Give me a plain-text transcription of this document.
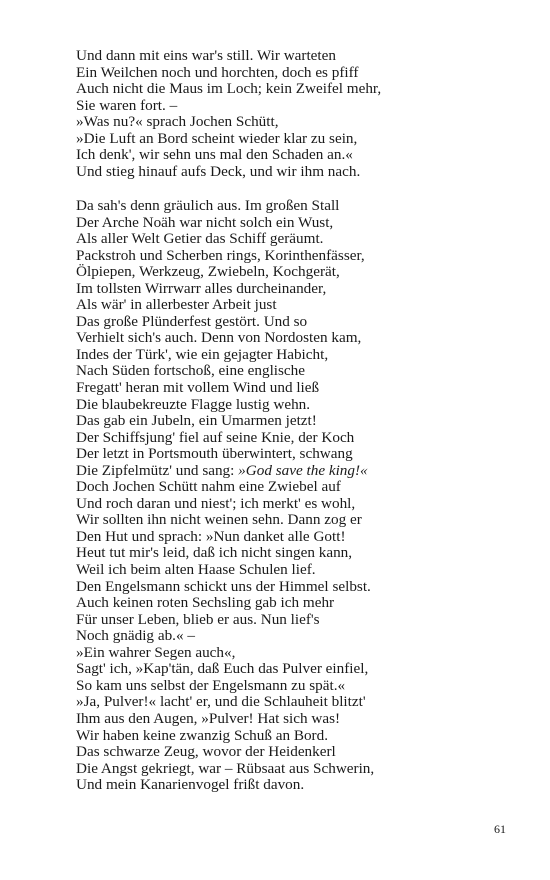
Und dann mit eins war's still. Wir warteten
Ein Weilchen noch und horchten, doch es pfiff
Auch nicht die Maus im Loch; kein Zweifel mehr,
Sie waren fort. –
»Was nu?« sprach Jochen Schütt,
»Die Luft an Bord scheint wieder klar zu sein,
Ich denk', wir sehn uns mal den Schaden an.«
Und stieg hinauf aufs Deck, und wir ihm nach.
Da sah's denn gräulich aus. Im großen Stall
Der Arche Noäh war nicht solch ein Wust,
Als aller Welt Getier das Schiff geräumt.
Packstroh und Scherben rings, Korinthenfässer,
Ölpiepen, Werkzeug, Zwiebeln, Kochgerät,
Im tollsten Wirrwarr alles durcheinander,
Als wär' in allerbester Arbeit just
Das große Plünderfest gestört. Und so
Verhielt sich's auch. Denn von Nordosten kam,
Indes der Türk', wie ein gejagter Habicht,
Nach Süden fortschoß, eine englische
Fregatt' heran mit vollem Wind und ließ
Die blaubekreuzte Flagge lustig wehn.
Das gab ein Jubeln, ein Umarmen jetzt!
Der Schiffsjung' fiel auf seine Knie, der Koch
Der letzt in Portsmouth überwintert, schwang
Die Zipfelmütz' und sang: »God save the king!«
Doch Jochen Schütt nahm eine Zwiebel auf
Und roch daran und niest'; ich merkt' es wohl,
Wir sollten ihn nicht weinen sehn. Dann zog er
Den Hut und sprach: »Nun danket alle Gott!
Heut tut mir's leid, daß ich nicht singen kann,
Weil ich beim alten Haase Schulen lief.
Den Engelsmann schickt uns der Himmel selbst.
Auch keinen roten Sechsling gab ich mehr
Für unser Leben, blieb er aus. Nun lief's
Noch gnädig ab.« –
»Ein wahrer Segen auch«,
Sagt' ich, »Kap'tän, daß Euch das Pulver einfiel,
So kam uns selbst der Engelsmann zu spät.«
»Ja, Pulver!« lacht' er, und die Schlauheit blitzt'
Ihm aus den Augen, »Pulver! Hat sich was!
Wir haben keine zwanzig Schuß an Bord.
Das schwarze Zeug, wovor der Heidenkerl
Die Angst gekriegt, war – Rübsaat aus Schwerin,
Und mein Kanarienvogel frißt davon.
61
